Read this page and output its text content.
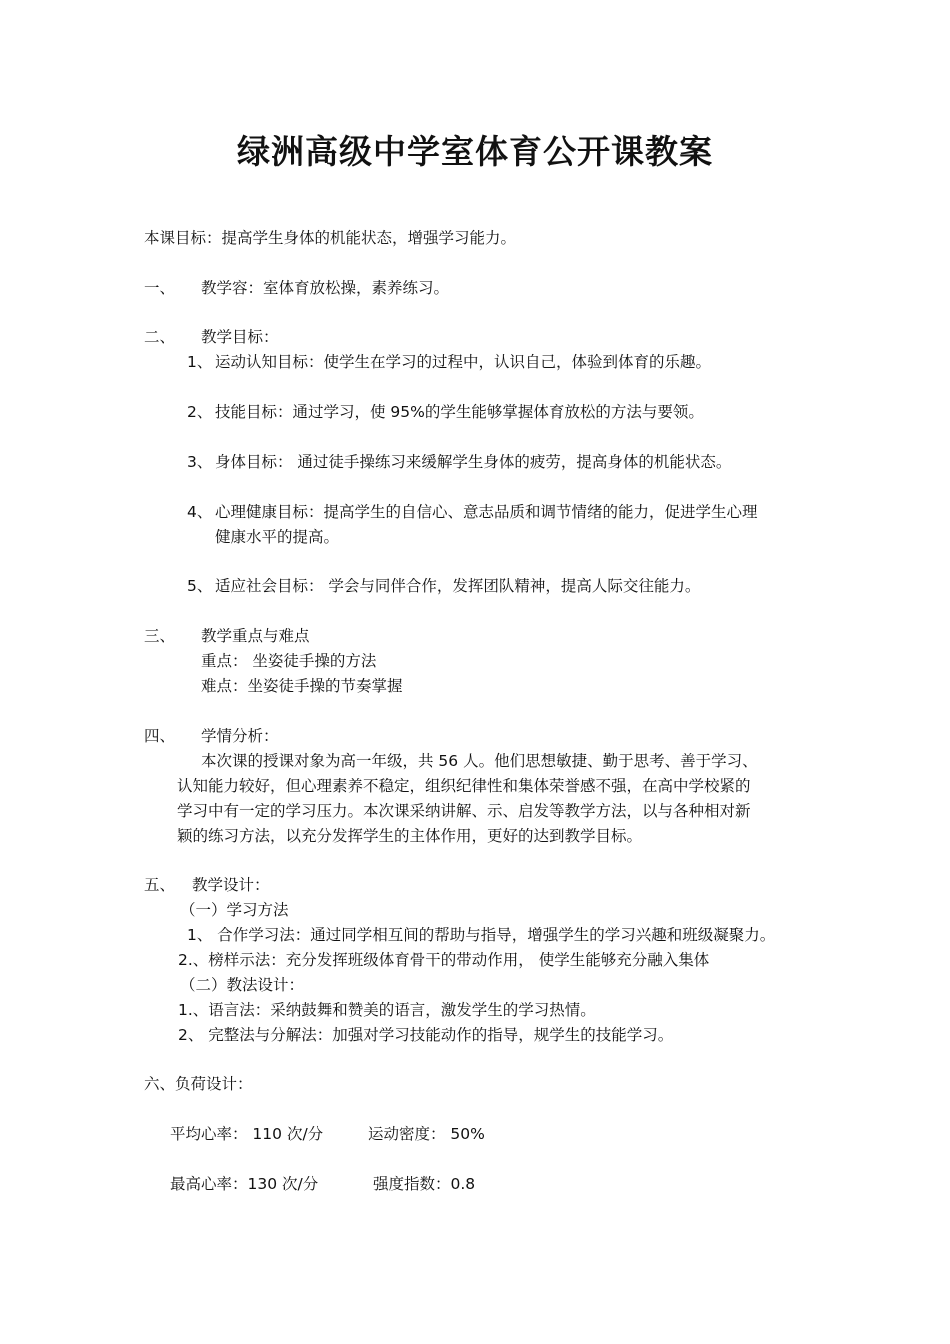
绿洲高级中学室体育公开课教案
本课目标：提高学生身体的机能状态，增强学习能力。
一、 教学容：室体育放松操，素养练习。
二、 教学目标：
1、 运动认知目标：使学生在学习的过程中，认识自己，体验到体育的乐趣。
2、 技能目标：通过学习，使 95%的学生能够掌握体育放松的方法与要领。
3、 身体目标： 通过徒手操练习来缓解学生身体的疲劳，提高身体的机能状态。
4、 心理健康目标：提高学生的自信心、意志品质和调节情绪的能力，促进学生心理
健康水平的提高。
5、 适应社会目标： 学会与同伴合作，发挥团队精神，提高人际交往能力。
三、 教学重点与难点
重点： 坐姿徒手操的方法
难点：坐姿徒手操的节奏掌握
四、 学情分析：
本次课的授课对象为高一年级，共 56 人。他们思想敏捷、勤于思考、善于学习、
认知能力较好，但心理素养不稳定，组织纪律性和集体荣誉感不强，在高中学校紧的
学习中有一定的学习压力。本次课采纳讲解、示、启发等教学方法，以与各种相对新
颖的练习方法，以充分发挥学生的主体作用，更好的达到教学目标。
五、 教学设计：
（一）学习方法
1、 合作学习法：通过同学相互间的帮助与指导，增强学生的学习兴趣和班级凝聚力。
2.、榜样示法：充分发挥班级体育骨干的带动作用， 使学生能够充分融入集体
（二）教法设计：
1.、语言法：采纳鼓舞和赞美的语言，激发学生的学习热情。
2、 完整法与分解法：加强对学习技能动作的指导，规学生的技能学习。
六、负荷设计：
平均心率： 110 次/分	运动密度： 50%
最高心率：130 次/分	强度指数：0.8
